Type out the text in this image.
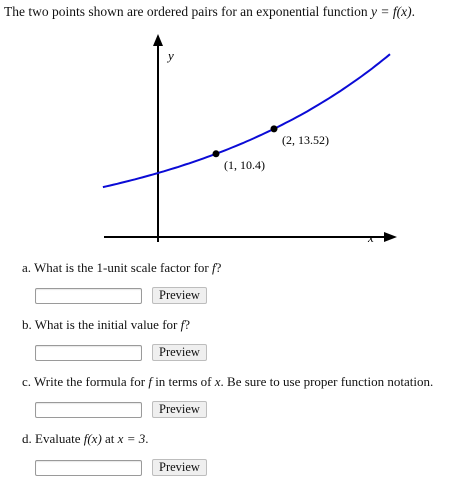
The two points shown are ordered pairs for an exponential function y = f(x).
y
x
(1, 10.4)
(2, 13.52)
a. What is the 1-unit scale factor for f?
Preview
b. What is the initial value for f?
Preview
c. Write the formula for f in terms of x. Be sure to use proper function notation.
Preview
d. Evaluate f(x) at x = 3.
Preview
